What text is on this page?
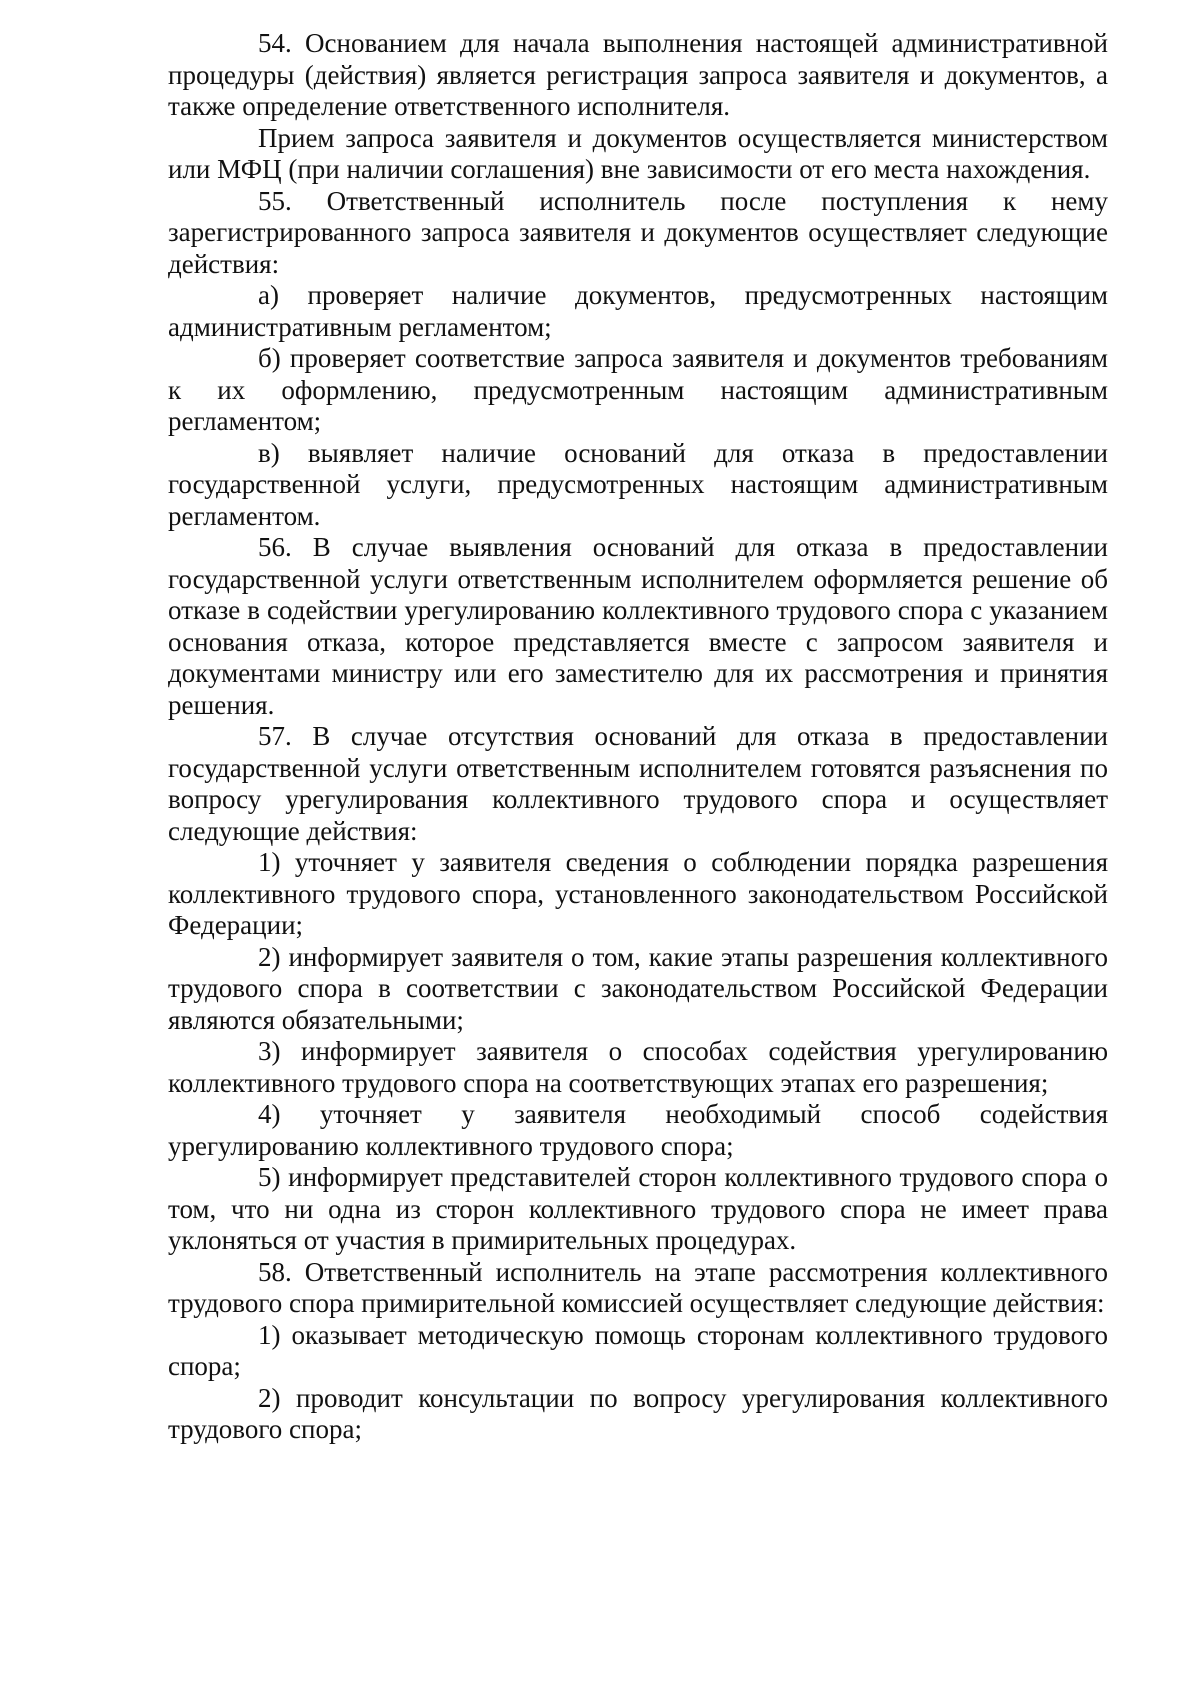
54. Основанием для начала выполнения настоящей административной процедуры (действия) является регистрация запроса заявителя и документов, а также определение ответственного исполнителя.

Прием запроса заявителя и документов осуществляется министерством или МФЦ (при наличии соглашения) вне зависимости от его места нахождения.

55. Ответственный исполнитель после поступления к нему зарегистрированного запроса заявителя и документов осуществляет следующие действия:

а) проверяет наличие документов, предусмотренных настоящим административным регламентом;

б) проверяет соответствие запроса заявителя и документов требованиям к их оформлению, предусмотренным настоящим административным регламентом;

в) выявляет наличие оснований для отказа в предоставлении государственной услуги, предусмотренных настоящим административным регламентом.

56. В случае выявления оснований для отказа в предоставлении государственной услуги ответственным исполнителем оформляется решение об отказе в содействии урегулированию коллективного трудового спора с указанием основания отказа, которое представляется вместе с запросом заявителя и документами министру или его заместителю для их рассмотрения и принятия решения.

57. В случае отсутствия оснований для отказа в предоставлении государственной услуги ответственным исполнителем готовятся разъяснения по вопросу урегулирования коллективного трудового спора и осуществляет следующие действия:

1) уточняет у заявителя сведения о соблюдении порядка разрешения коллективного трудового спора, установленного законодательством Российской Федерации;

2) информирует заявителя о том, какие этапы разрешения коллективного трудового спора в соответствии с законодательством Российской Федерации являются обязательными;

3) информирует заявителя о способах содействия урегулированию коллективного трудового спора на соответствующих этапах его разрешения;

4) уточняет у заявителя необходимый способ содействия урегулированию коллективного трудового спора;

5) информирует представителей сторон коллективного трудового спора о том, что ни одна из сторон коллективного трудового спора не имеет права уклоняться от участия в примирительных процедурах.

58. Ответственный исполнитель на этапе рассмотрения коллективного трудового спора примирительной комиссией осуществляет следующие действия:

1) оказывает методическую помощь сторонам коллективного трудового спора;

2) проводит консультации по вопросу урегулирования коллективного трудового спора;
